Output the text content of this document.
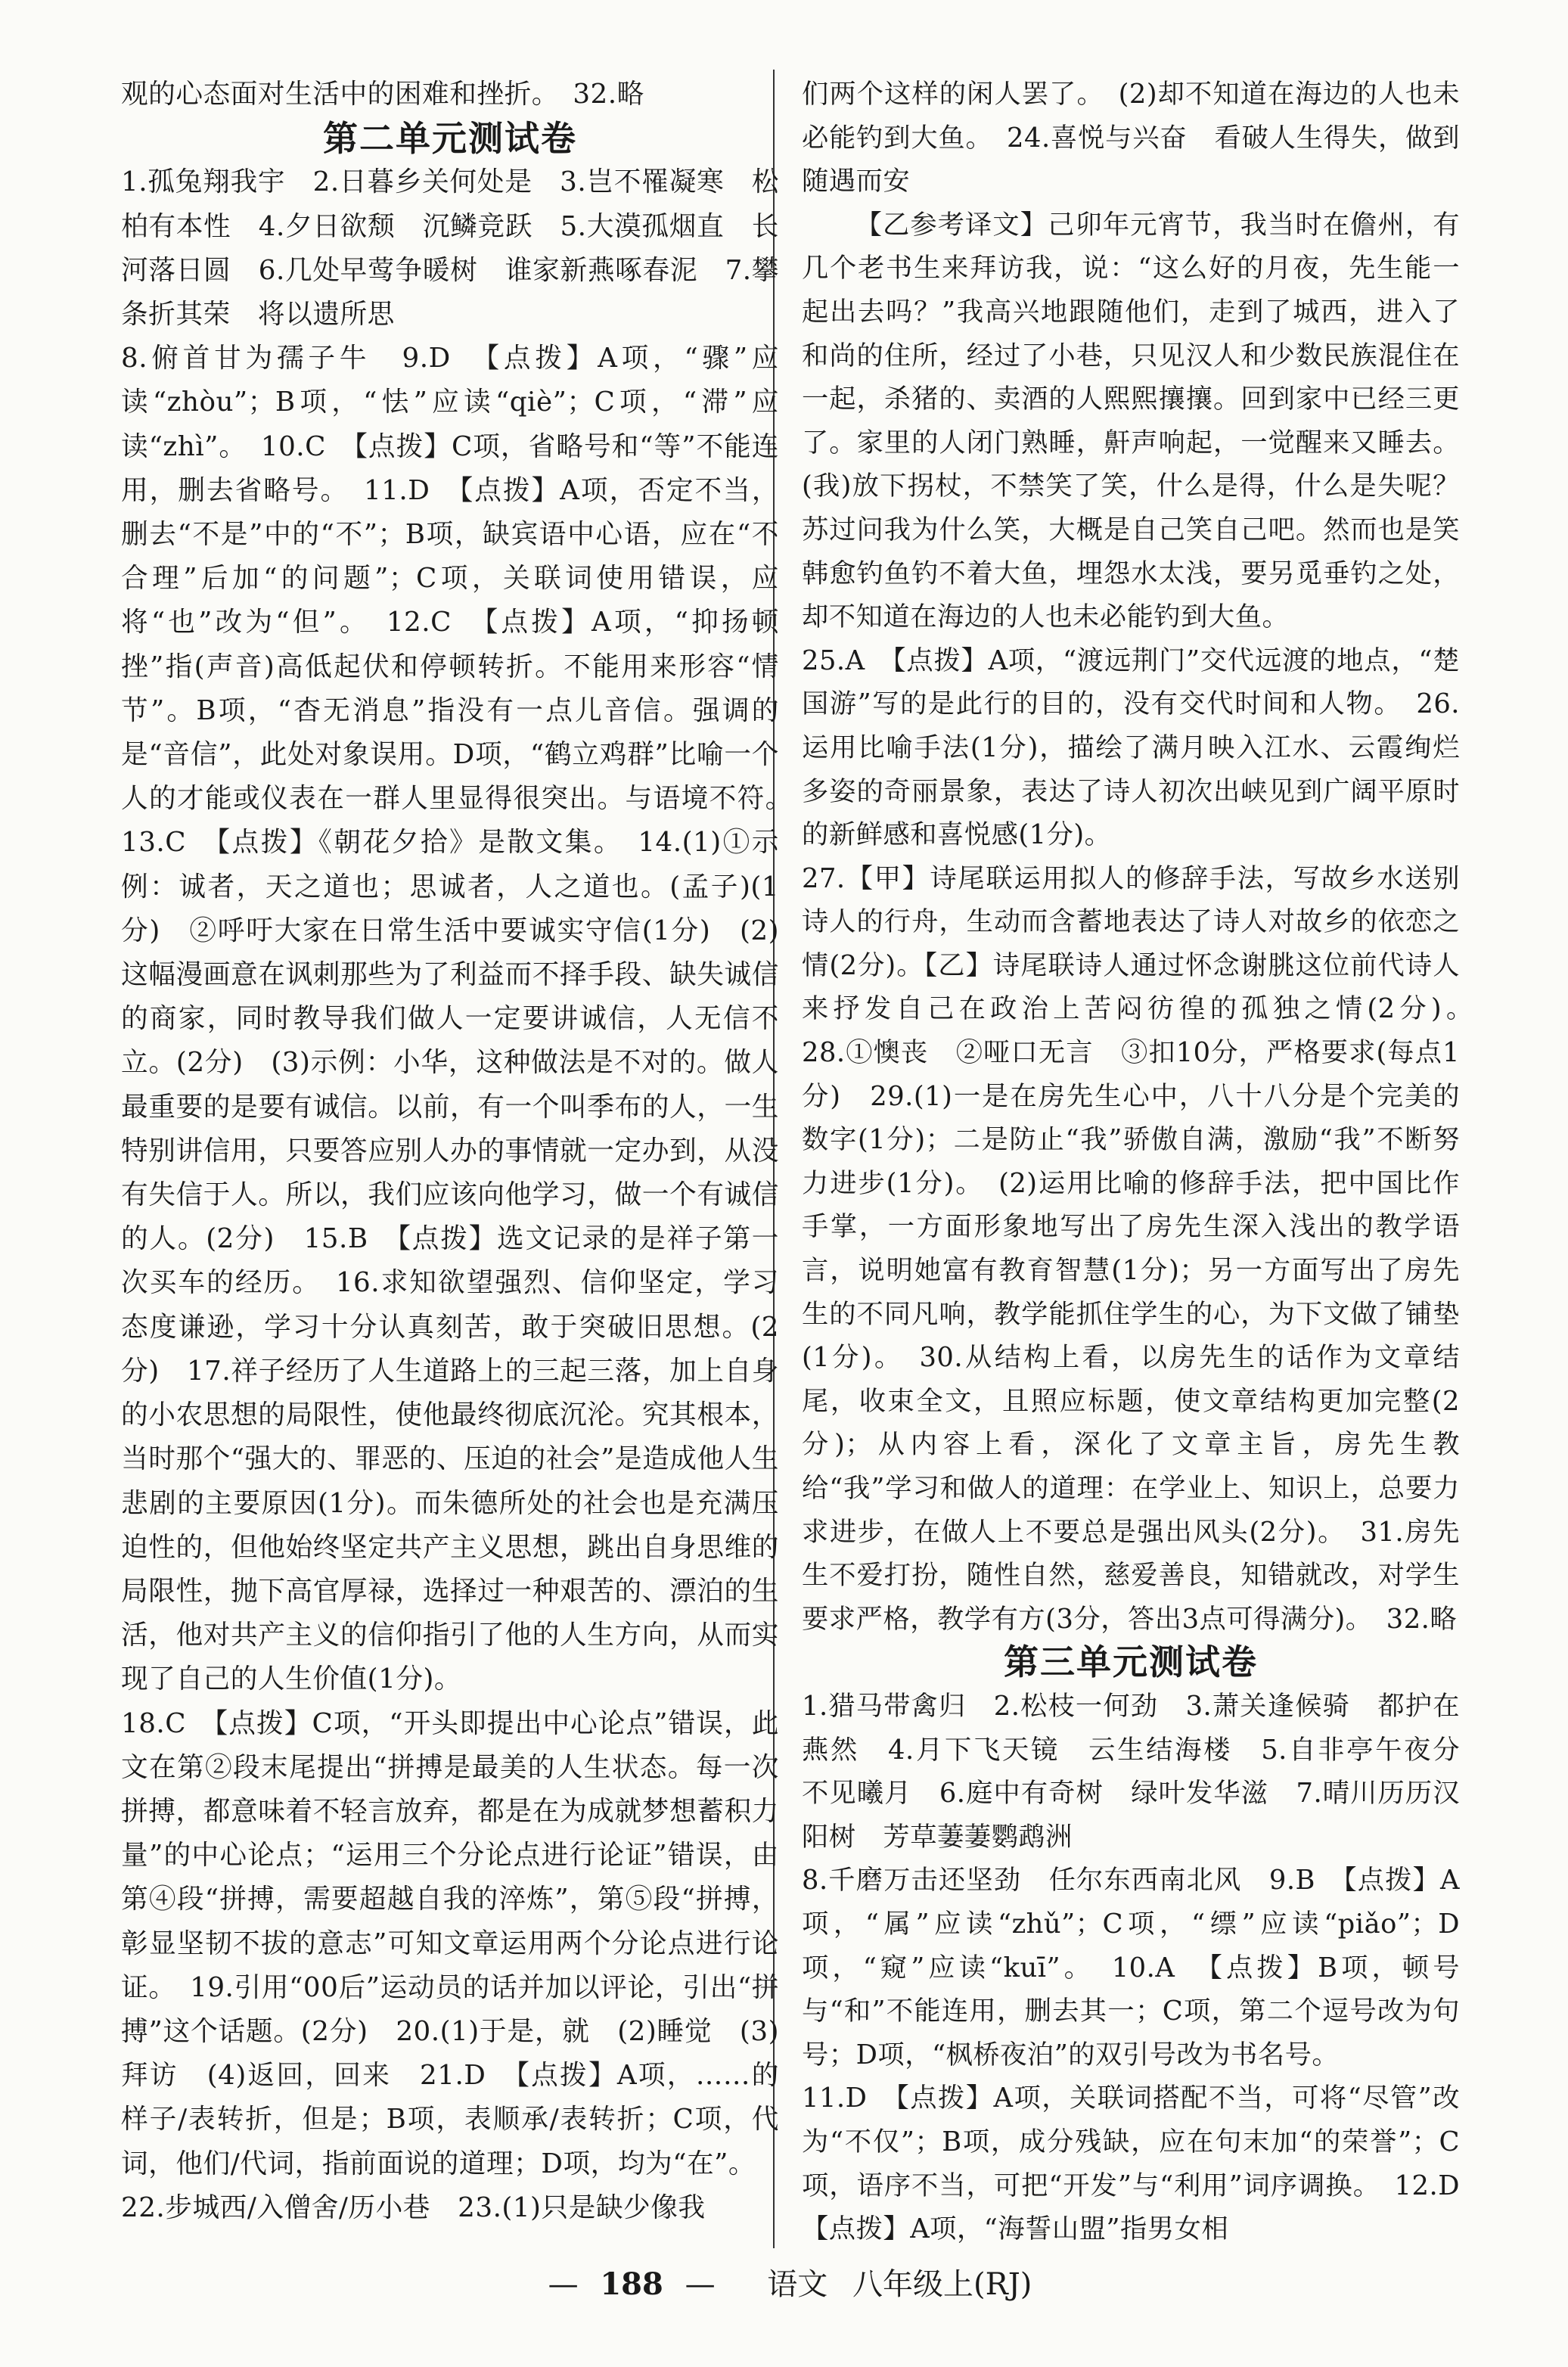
观的心态面对生活中的困难和挫折。　32.略

第二单元测试卷

1.孤兔翔我宇　2.日暮乡关何处是　3.岂不罹凝寒　松柏有本性　4.夕日欲颓　沉鳞竞跃　5.大漠孤烟直　长河落日圆　6.几处早莺争暖树　谁家新燕啄春泥　7.攀条折其荣　将以遗所思

8.俯首甘为孺子牛　9.D　【点拨】A项，“骤”应读“zhòu”；B项，“怯”应读“qiè”；C项，“滞”应读“zhì”。　10.C　【点拨】C项，省略号和“等”不能连用，删去省略号。　11.D　【点拨】A项，否定不当，删去“不是”中的“不”；B项，缺宾语中心语，应在“不合理”后加“的问题”；C项，关联词使用错误，应将“也”改为“但”。　12.C　【点拨】A项，“抑扬顿挫”指(声音)高低起伏和停顿转折。不能用来形容“情节”。B项，“杳无消息”指没有一点儿音信。强调的是“音信”，此处对象误用。D项，“鹤立鸡群”比喻一个人的才能或仪表在一群人里显得很突出。与语境不符。　13.C　【点拨】《朝花夕拾》是散文集。　14.(1)①示例：诚者，天之道也；思诚者，人之道也。(孟子)(1分)　②呼吁大家在日常生活中要诚实守信(1分)　(2)这幅漫画意在讽刺那些为了利益而不择手段、缺失诚信的商家，同时教导我们做人一定要讲诚信，人无信不立。(2分)　(3)示例：小华，这种做法是不对的。做人最重要的是要有诚信。以前，有一个叫季布的人，一生特别讲信用，只要答应别人办的事情就一定办到，从没有失信于人。所以，我们应该向他学习，做一个有诚信的人。(2分)　15.B　【点拨】选文记录的是祥子第一次买车的经历。　16.求知欲望强烈、信仰坚定，学习态度谦逊，学习十分认真刻苦，敢于突破旧思想。(2分)　17.祥子经历了人生道路上的三起三落，加上自身的小农思想的局限性，使他最终彻底沉沦。究其根本，当时那个“强大的、罪恶的、压迫的社会”是造成他人生悲剧的主要原因(1分)。而朱德所处的社会也是充满压迫性的，但他始终坚定共产主义思想，跳出自身思维的局限性，抛下高官厚禄，选择过一种艰苦的、漂泊的生活，他对共产主义的信仰指引了他的人生方向，从而实现了自己的人生价值(1分)。

18.C　【点拨】C项，“开头即提出中心论点”错误，此文在第②段末尾提出“拼搏是最美的人生状态。每一次拼搏，都意味着不轻言放弃，都是在为成就梦想蓄积力量”的中心论点；“运用三个分论点进行论证”错误，由第④段“拼搏，需要超越自我的淬炼”，第⑤段“拼搏，彰显坚韧不拔的意志”可知文章运用两个分论点进行论证。　19.引用“00后”运动员的话并加以评论，引出“拼搏”这个话题。(2分)　20.(1)于是，就　(2)睡觉　(3)拜访　(4)返回，回来　21.D　【点拨】A项，……的样子/表转折，但是；B项，表顺承/表转折；C项，代词，他们/代词，指前面说的道理；D项，均为“在”。

22.步城西/入僧舍/历小巷　23.(1)只是缺少像我

们两个这样的闲人罢了。　(2)却不知道在海边的人也未必能钓到大鱼。　24.喜悦与兴奋　看破人生得失，做到随遇而安

【乙参考译文】己卯年元宵节，我当时在儋州，有几个老书生来拜访我，说：“这么好的月夜，先生能一起出去吗？”我高兴地跟随他们，走到了城西，进入了和尚的住所，经过了小巷，只见汉人和少数民族混住在一起，杀猪的、卖酒的人熙熙攘攘。回到家中已经三更了。家里的人闭门熟睡，鼾声响起，一觉醒来又睡去。(我)放下拐杖，不禁笑了笑，什么是得，什么是失呢？苏过问我为什么笑，大概是自己笑自己吧。然而也是笑韩愈钓鱼钓不着大鱼，埋怨水太浅，要另觅垂钓之处，却不知道在海边的人也未必能钓到大鱼。

25.A　【点拨】A项，“渡远荆门”交代远渡的地点，“楚国游”写的是此行的目的，没有交代时间和人物。　26.运用比喻手法(1分)，描绘了满月映入江水、云霞绚烂多姿的奇丽景象，表达了诗人初次出峡见到广阔平原时的新鲜感和喜悦感(1分)。

27.【甲】诗尾联运用拟人的修辞手法，写故乡水送别诗人的行舟，生动而含蓄地表达了诗人对故乡的依恋之情(2分)。【乙】诗尾联诗人通过怀念谢朓这位前代诗人来抒发自己在政治上苦闷彷徨的孤独之情(2分)。　28.①懊丧　②哑口无言　③扣10分，严格要求(每点1分)　29.(1)一是在房先生心中，八十八分是个完美的数字(1分)；二是防止“我”骄傲自满，激励“我”不断努力进步(1分)。　(2)运用比喻的修辞手法，把中国比作手掌，一方面形象地写出了房先生深入浅出的教学语言，说明她富有教育智慧(1分)；另一方面写出了房先生的不同凡响，教学能抓住学生的心，为下文做了铺垫(1分)。　30.从结构上看，以房先生的话作为文章结尾，收束全文，且照应标题，使文章结构更加完整(2分)；从内容上看，深化了文章主旨，房先生教给“我”学习和做人的道理：在学业上、知识上，总要力求进步，在做人上不要总是强出风头(2分)。　31.房先生不爱打扮，随性自然，慈爱善良，知错就改，对学生要求严格，教学有方(3分，答出3点可得满分)。　32.略

第三单元测试卷

1.猎马带禽归　2.松枝一何劲　3.萧关逢候骑　都护在燕然　4.月下飞天镜　云生结海楼　5.自非亭午夜分　不见曦月　6.庭中有奇树　绿叶发华滋　7.晴川历历汉阳树　芳草萋萋鹦鹉洲

8.千磨万击还坚劲　任尔东西南北风　9.B　【点拨】A项，“属”应读“zhǔ”；C项，“缥”应读“piǎo”；D项，“窥”应读“kuī”。　10.A　【点拨】B项，顿号与“和”不能连用，删去其一；C项，第二个逗号改为句号；D项，“枫桥夜泊”的双引号改为书名号。

11.D　【点拨】A项，关联词搭配不当，可将“尽管”改为“不仅”；B项，成分残缺，应在句末加“的荣誉”；C项，语序不当，可把“开发”与“利用”词序调换。　12.D　【点拨】A项，“海誓山盟”指男女相

— 188 — 语文 八年级上(RJ)
